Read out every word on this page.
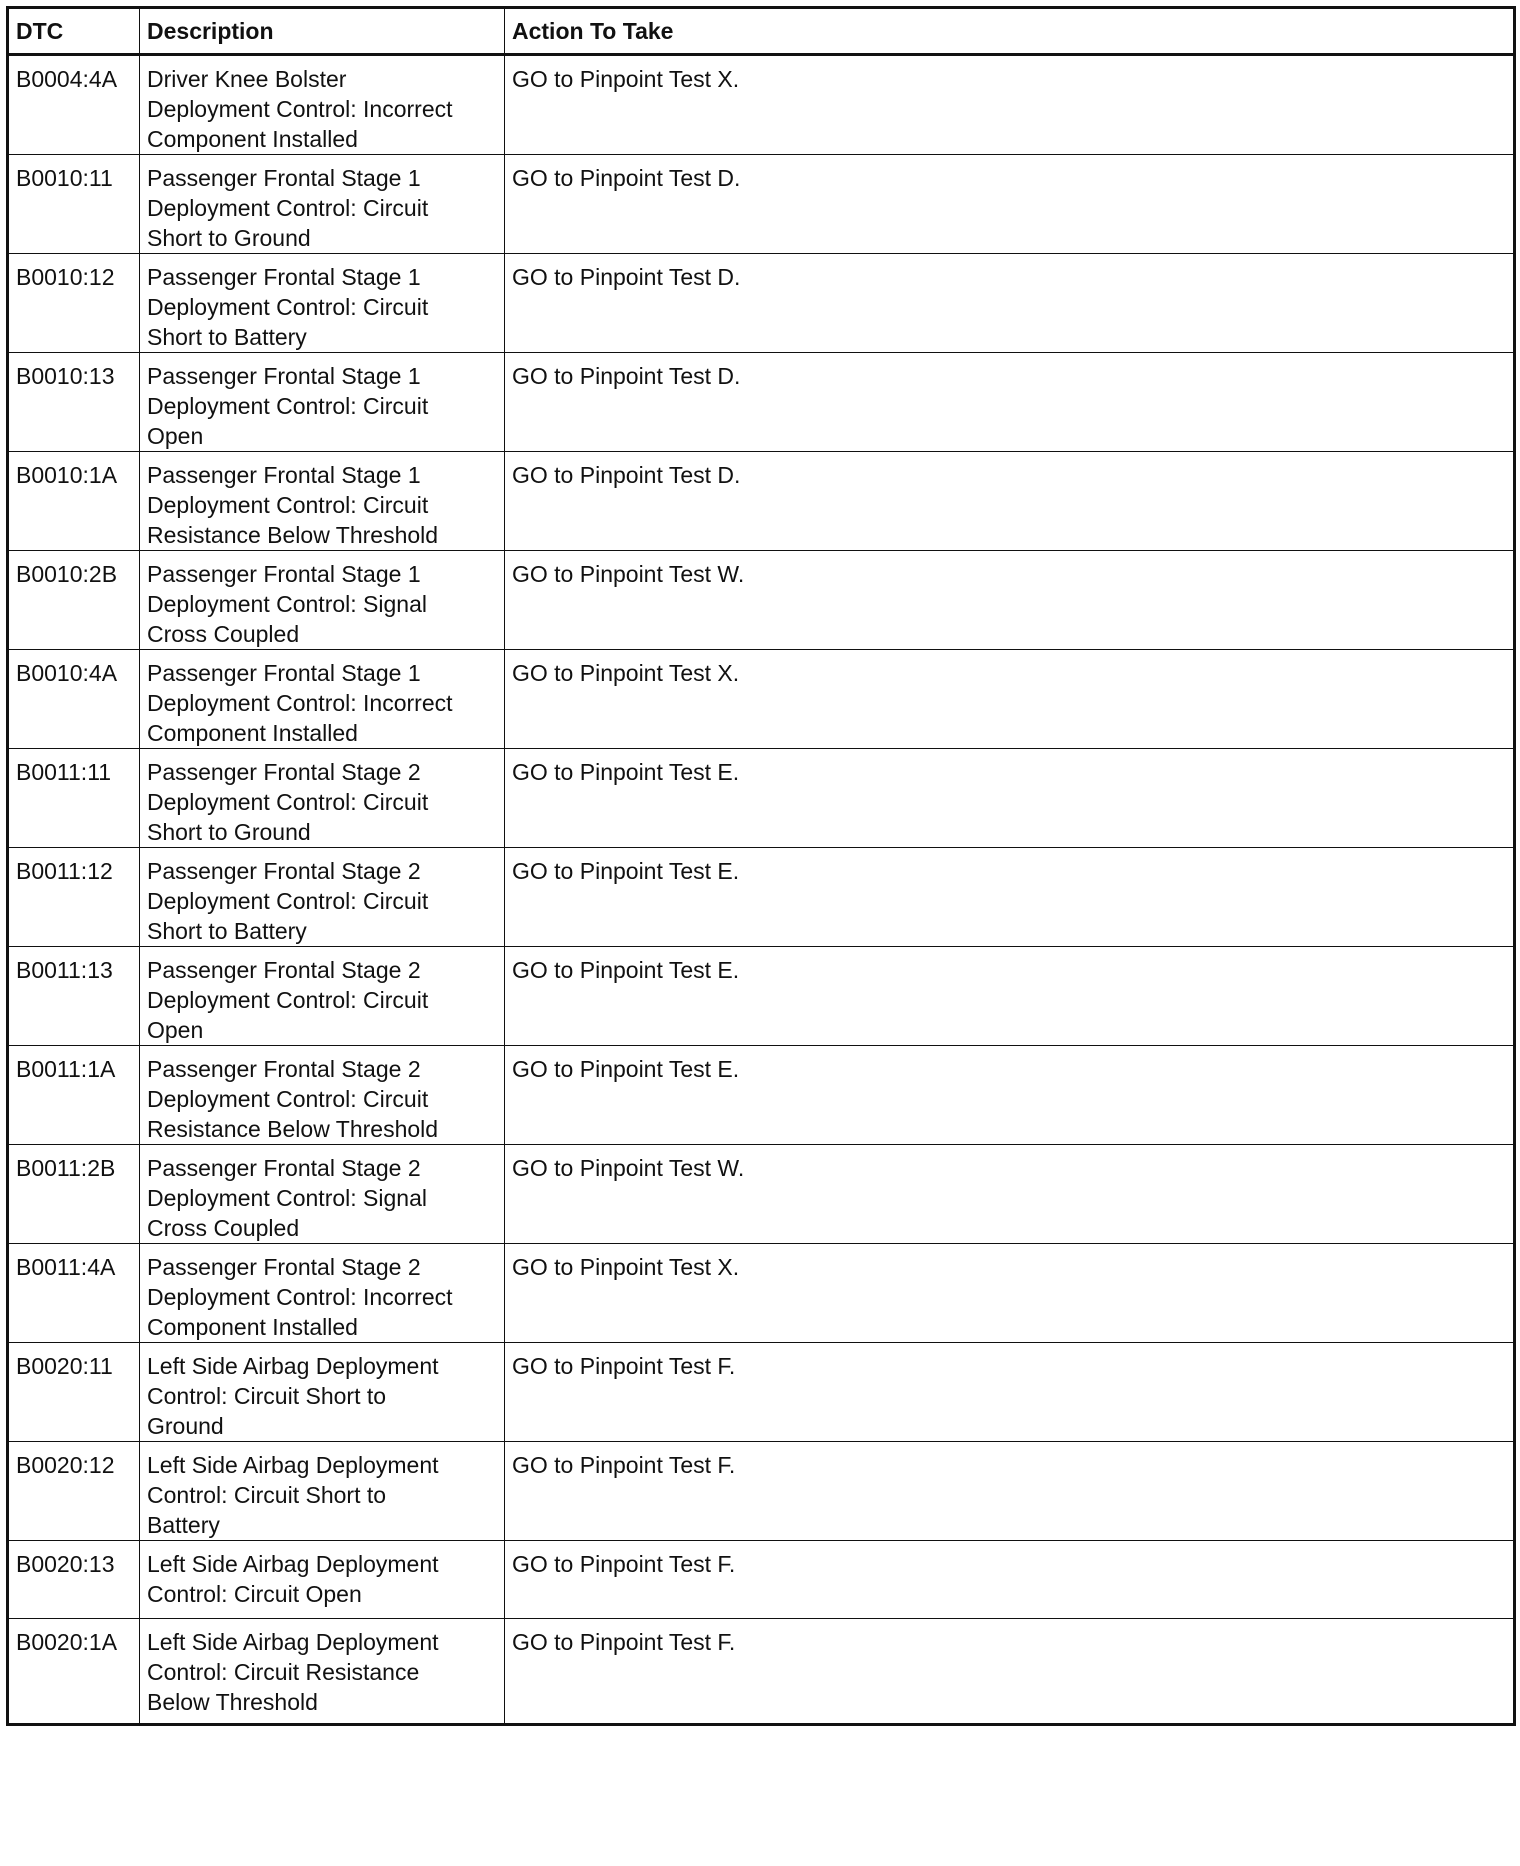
DTC	Description	Action To Take
B0004:4A	Driver Knee Bolster
Deployment Control: Incorrect
Component Installed	GO to Pinpoint Test X.
B0010:11	Passenger Frontal Stage 1
Deployment Control: Circuit
Short to Ground	GO to Pinpoint Test D.
B0010:12	Passenger Frontal Stage 1
Deployment Control: Circuit
Short to Battery	GO to Pinpoint Test D.
B0010:13	Passenger Frontal Stage 1
Deployment Control: Circuit
Open	GO to Pinpoint Test D.
B0010:1A	Passenger Frontal Stage 1
Deployment Control: Circuit
Resistance Below Threshold	GO to Pinpoint Test D.
B0010:2B	Passenger Frontal Stage 1
Deployment Control: Signal
Cross Coupled	GO to Pinpoint Test W.
B0010:4A	Passenger Frontal Stage 1
Deployment Control: Incorrect
Component Installed	GO to Pinpoint Test X.
B0011:11	Passenger Frontal Stage 2
Deployment Control: Circuit
Short to Ground	GO to Pinpoint Test E.
B0011:12	Passenger Frontal Stage 2
Deployment Control: Circuit
Short to Battery	GO to Pinpoint Test E.
B0011:13	Passenger Frontal Stage 2
Deployment Control: Circuit
Open	GO to Pinpoint Test E.
B0011:1A	Passenger Frontal Stage 2
Deployment Control: Circuit
Resistance Below Threshold	GO to Pinpoint Test E.
B0011:2B	Passenger Frontal Stage 2
Deployment Control: Signal
Cross Coupled	GO to Pinpoint Test W.
B0011:4A	Passenger Frontal Stage 2
Deployment Control: Incorrect
Component Installed	GO to Pinpoint Test X.
B0020:11	Left Side Airbag Deployment
Control: Circuit Short to
Ground	GO to Pinpoint Test F.
B0020:12	Left Side Airbag Deployment
Control: Circuit Short to
Battery	GO to Pinpoint Test F.
B0020:13	Left Side Airbag Deployment
Control: Circuit Open	GO to Pinpoint Test F.
B0020:1A	Left Side Airbag Deployment
Control: Circuit Resistance
Below Threshold	GO to Pinpoint Test F.
